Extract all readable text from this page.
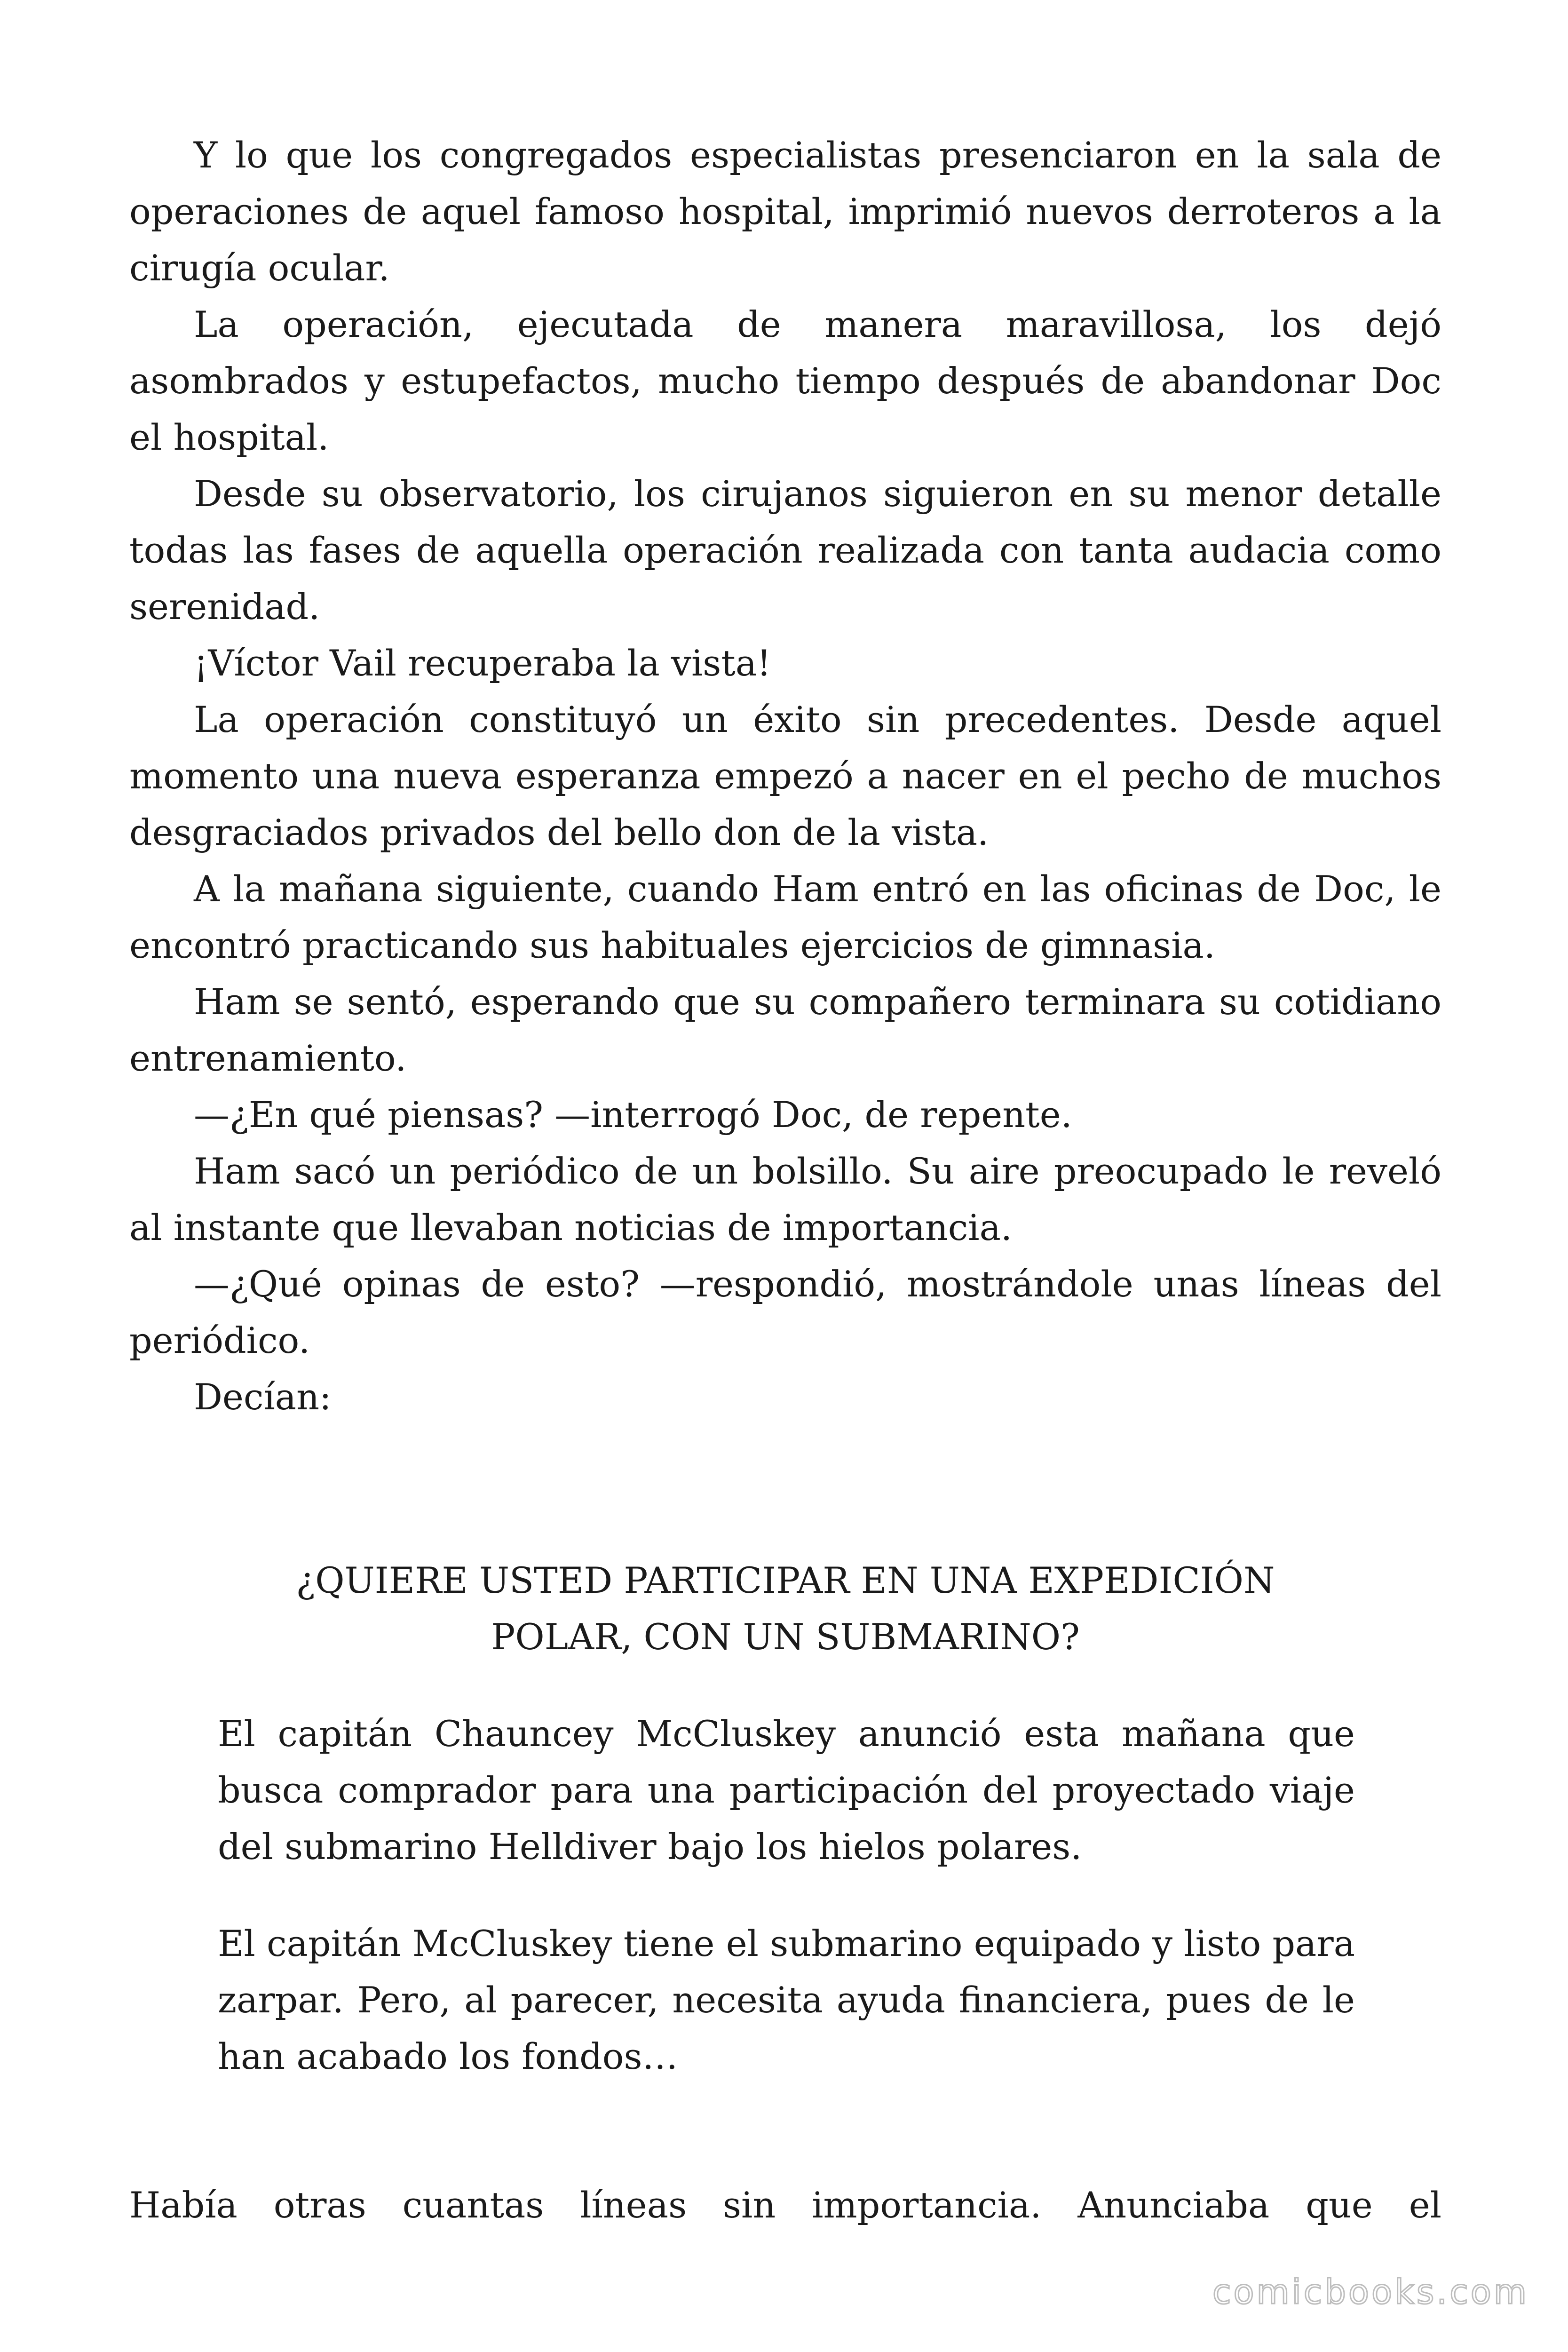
Y lo que los congregados especialistas presenciaron en la sala de operaciones de aquel famoso hospital, imprimió nuevos derroteros a la cirugía ocular.

La operación, ejecutada de manera maravillosa, los dejó asombrados y estupefactos, mucho tiempo después de abandonar Doc el hospital.

Desde su observatorio, los cirujanos siguieron en su menor detalle todas las fases de aquella operación realizada con tanta audacia como serenidad.

¡Víctor Vail recuperaba la vista!

La operación constituyó un éxito sin precedentes. Desde aquel momento una nueva esperanza empezó a nacer en el pecho de muchos desgraciados privados del bello don de la vista.

A la mañana siguiente, cuando Ham entró en las oficinas de Doc, le encontró practicando sus habituales ejercicios de gimnasia.

Ham se sentó, esperando que su compañero terminara su cotidiano entrenamiento.

—¿En qué piensas? —interrogó Doc, de repente.

Ham sacó un periódico de un bolsillo. Su aire preocupado le reveló al instante que llevaban noticias de importancia.

—¿Qué opinas de esto? —respondió, mostrándole unas líneas del periódico.

Decían:

¿QUIERE USTED PARTICIPAR EN UNA EXPEDICIÓN
POLAR, CON UN SUBMARINO?

El capitán Chauncey McCluskey anunció esta mañana que busca comprador para una participación del proyectado viaje del submarino Helldiver bajo los hielos polares.

El capitán McCluskey tiene el submarino equipado y listo para zarpar. Pero, al parecer, necesita ayuda financiera, pues de le han acabado los fondos…

Había otras cuantas líneas sin importancia. Anunciaba que el

comicbooks.com
